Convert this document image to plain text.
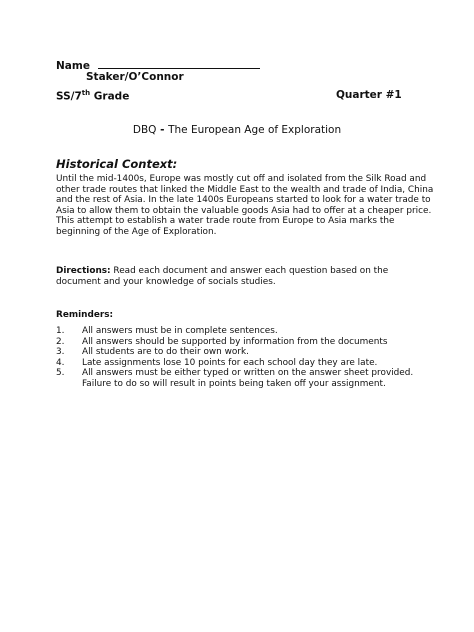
Name
Staker/O’Connor
SS/7th Grade	Quarter #1
DBQ - The European Age of Exploration
Historical Context:
Until the mid-1400s, Europe was mostly cut off and isolated from the Silk Road and
other trade routes that linked the Middle East to the wealth and trade of India, China
and the rest of Asia. In the late 1400s Europeans started to look for a water trade to
Asia to allow them to obtain the valuable goods Asia had to offer at a cheaper price.
This attempt to establish a water trade route from Europe to Asia marks the
beginning of the Age of Exploration.
Directions: Read each document and answer each question based on the
document and your knowledge of socials studies.
Reminders:
1. All answers must be in complete sentences.
2. All answers should be supported by information from the documents
3. All students are to do their own work.
4. Late assignments lose 10 points for each school day they are late.
5. All answers must be either typed or written on the answer sheet provided.
Failure to do so will result in points being taken off your assignment.
